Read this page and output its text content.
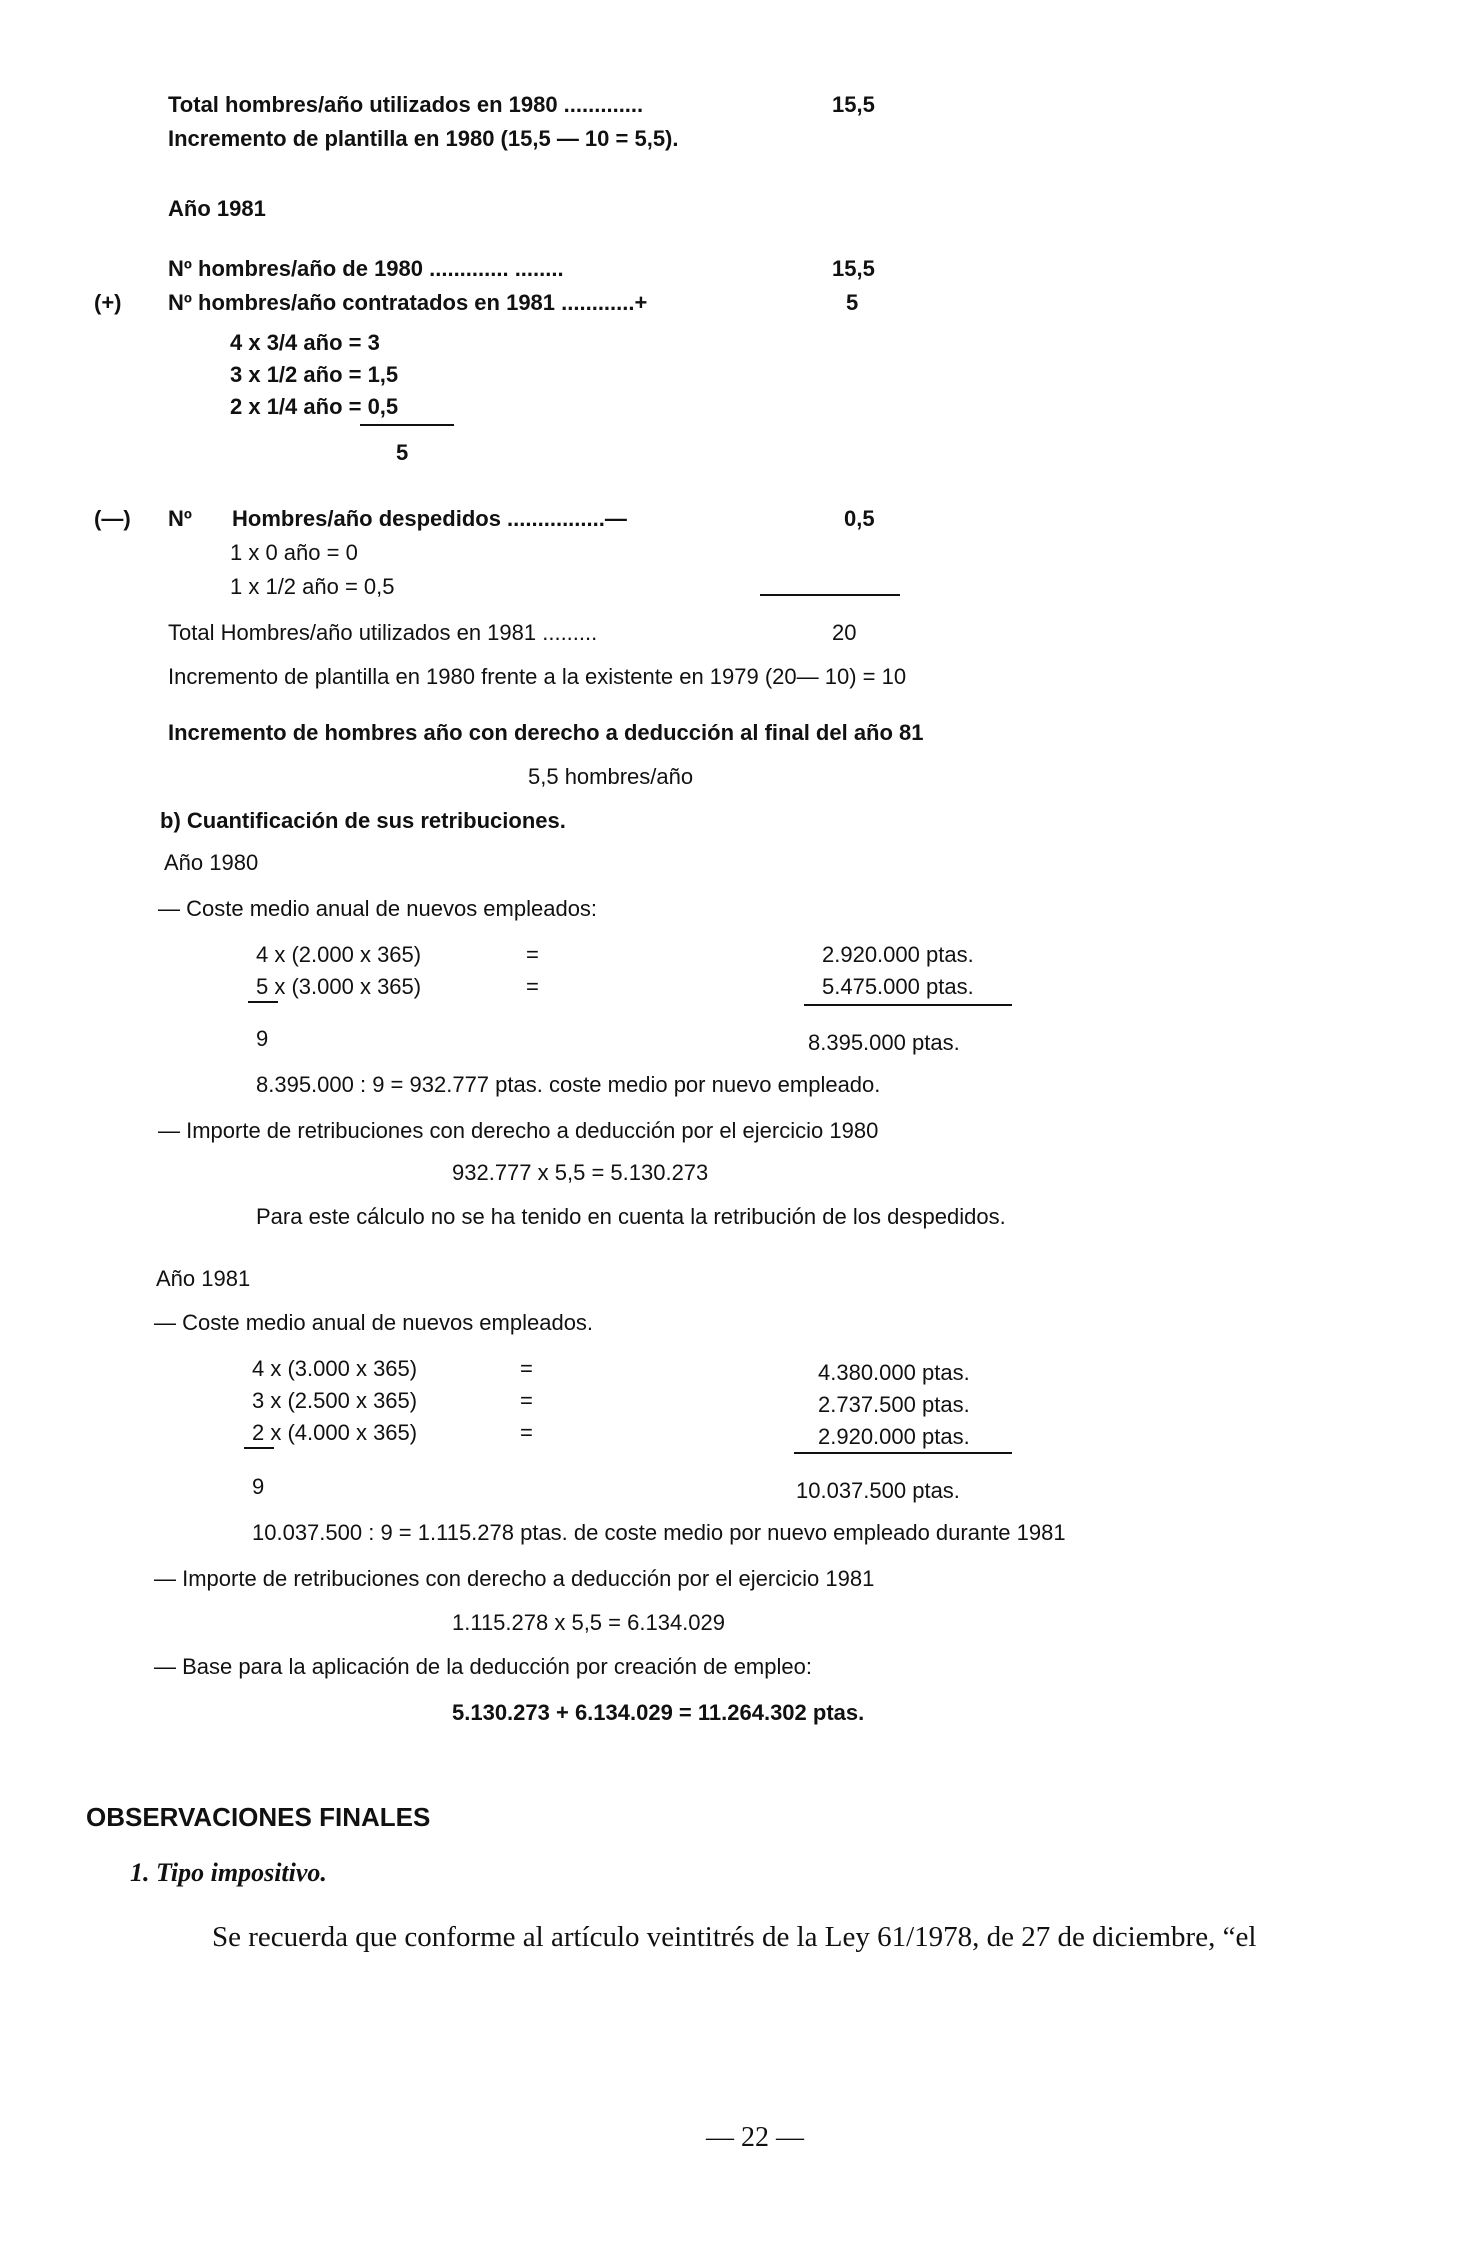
Total hombres/año utilizados en 1980 .............	15,5
Incremento de plantilla en 1980 (15,5 — 10 = 5,5).
Año 1981
Nº hombres/año de 1980 ............. ........	15,5
(+) Nº hombres/año contratados en 1981 ............+	5
4 x 3/4 año = 3
3 x 1/2 año = 1,5
2 x 1/4 año = 0,5
5
(—) Nº Hombres/año despedidos ................—	0,5
1 x 0 año = 0
1 x 1/2 año = 0,5
Total Hombres/año utilizados en 1981 .........	20
Incremento de plantilla en 1980 frente a la existente en 1979 (20— 10) = 10
Incremento de hombres año con derecho a deducción al final del año 81
5,5 hombres/año
b) Cuantificación de sus retribuciones.
Año 1980
— Coste medio anual de nuevos empleados:
4 x (2.000 x 365)	=	2.920.000 ptas.
5 x (3.000 x 365)	=	5.475.000 ptas.
9	8.395.000 ptas.
8.395.000 : 9 = 932.777 ptas. coste medio por nuevo empleado.
— Importe de retribuciones con derecho a deducción por el ejercicio 1980
932.777 x 5,5 = 5.130.273
Para este cálculo no se ha tenido en cuenta la retribución de los despedidos.
Año 1981
— Coste medio anual de nuevos empleados.
4 x (3.000 x 365)	=	4.380.000 ptas.
3 x (2.500 x 365)	=	2.737.500 ptas.
2 x (4.000 x 365)	=	2.920.000 ptas.
9	10.037.500 ptas.
10.037.500 : 9 = 1.115.278 ptas. de coste medio por nuevo empleado durante 1981
— Importe de retribuciones con derecho a deducción por el ejercicio 1981
1.115.278 x 5,5 = 6.134.029
— Base para la aplicación de la deducción por creación de empleo:
5.130.273 + 6.134.029 = 11.264.302 ptas.
OBSERVACIONES FINALES
1. Tipo impositivo.
Se recuerda que conforme al artículo veintitrés de la Ley 61/1978, de 27 de diciembre, “el
— 22 —
